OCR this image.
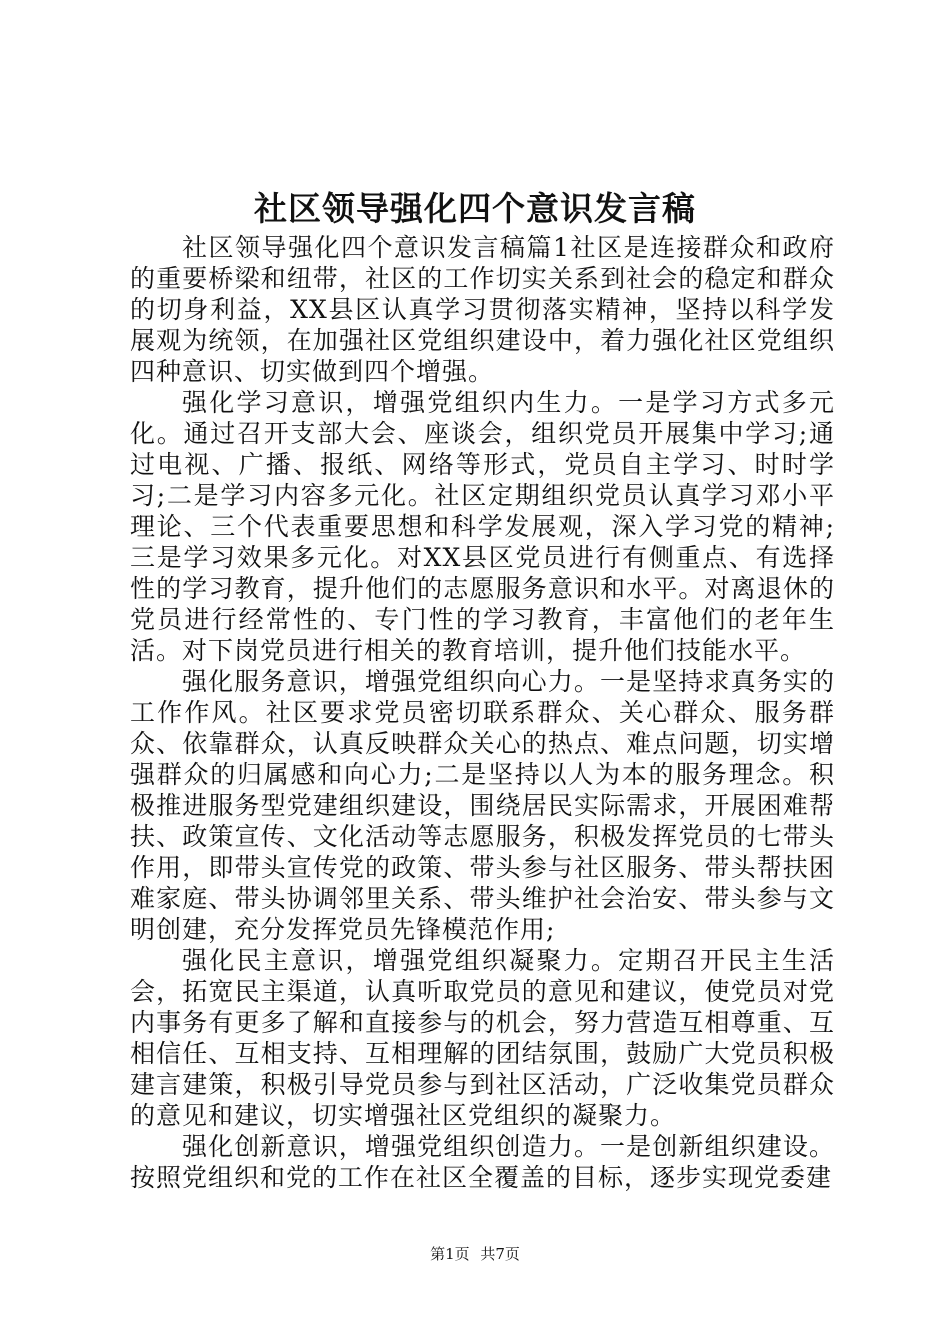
社区领导强化四个意识发言稿

社区领导强化四个意识发言稿篇1社区是连接群众和政府的重要桥梁和纽带，社区的工作切实关系到社会的稳定和群众的切身利益，XX县区认真学习贯彻落实精神，坚持以科学发展观为统领，在加强社区党组织建设中，着力强化社区党组织四种意识、切实做到四个增强。

强化学习意识，增强党组织内生力。一是学习方式多元化。通过召开支部大会、座谈会，组织党员开展集中学习;通过电视、广播、报纸、网络等形式，党员自主学习、时时学习;二是学习内容多元化。社区定期组织党员认真学习邓小平理论、三个代表重要思想和科学发展观，深入学习党的精神;三是学习效果多元化。对XX县区党员进行有侧重点、有选择性的学习教育，提升他们的志愿服务意识和水平。对离退休的党员进行经常性的、专门性的学习教育，丰富他们的老年生活。对下岗党员进行相关的教育培训，提升他们技能水平。

强化服务意识，增强党组织向心力。一是坚持求真务实的工作作风。社区要求党员密切联系群众、关心群众、服务群众、依靠群众，认真反映群众关心的热点、难点问题，切实增强群众的归属感和向心力;二是坚持以人为本的服务理念。积极推进服务型党建组织建设，围绕居民实际需求，开展困难帮扶、政策宣传、文化活动等志愿服务，积极发挥党员的七带头作用，即带头宣传党的政策、带头参与社区服务、带头帮扶困难家庭、带头协调邻里关系、带头维护社会治安、带头参与文明创建，充分发挥党员先锋模范作用;

强化民主意识，增强党组织凝聚力。定期召开民主生活会，拓宽民主渠道，认真听取党员的意见和建议，使党员对党内事务有更多了解和直接参与的机会，努力营造互相尊重、互相信任、互相支持、互相理解的团结氛围，鼓励广大党员积极建言建策，积极引导党员参与到社区活动，广泛收集党员群众的意见和建议，切实增强社区党组织的凝聚力。

强化创新意识，增强党组织创造力。一是创新组织建设。按照党组织和党的工作在社区全覆盖的目标，逐步实现党委建

第1页 共7页
